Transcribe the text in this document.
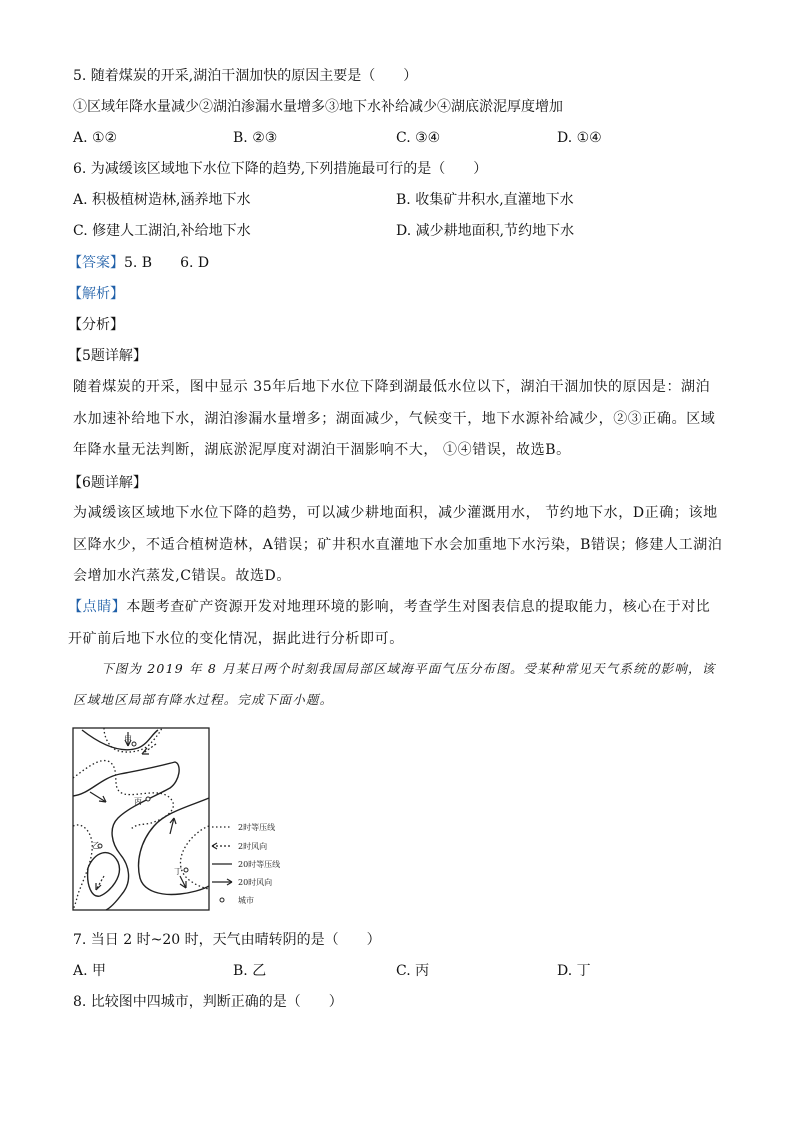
5. 随着煤炭的开采,湖泊干涸加快的原因主要是（　　）
①区域年降水量减少②湖泊渗漏水量增多③地下水补给减少④湖底淤泥厚度增加
A. ①②	B. ②③	C. ③④	D. ①④
6. 为减缓该区域地下水位下降的趋势,下列措施最可行的是（　　）
A. 积极植树造林,涵养地下水	B. 收集矿井积水,直灌地下水
C. 修建人工湖泊,补给地下水	D. 减少耕地面积,节约地下水
【答案】5. B　　6. D
【解析】
【分析】
【5题详解】
随着煤炭的开采，图中显示 35年后地下水位下降到湖最低水位以下，湖泊干涸加快的原因是：湖泊水加速补给地下水，湖泊渗漏水量增多；湖面减少，气候变干，地下水源补给减少，②③正确。区域年降水量无法判断，湖底淤泥厚度对湖泊干涸影响不大， ①④错误，故选B。
【6题详解】
为减缓该区域地下水位下降的趋势，可以减少耕地面积，减少灌溉用水， 节约地下水，D正确；该地区降水少，不适合植树造林，A错误；矿井积水直灌地下水会加重地下水污染，B错误；修建人工湖泊会增加水汽蒸发,C错误。故选D。
【点睛】本题考查矿产资源开发对地理环境的影响，考查学生对图表信息的提取能力，核心在于对比开矿前后地下水位的变化情况，据此进行分析即可。
下图为 2019 年 8 月某日两个时刻我国局部区域海平面气压分布图。受某种常见天气系统的影响，该区域地区局部有降水过程。完成下面小题。
甲
乙
丙
丁
2时等压线
2时风向
20时等压线
20时风向
城市
7. 当日 2 时~20 时，天气由晴转阴的是（　　）
A. 甲	B. 乙	C. 丙	D. 丁
8. 比较图中四城市，判断正确的是（　　）
